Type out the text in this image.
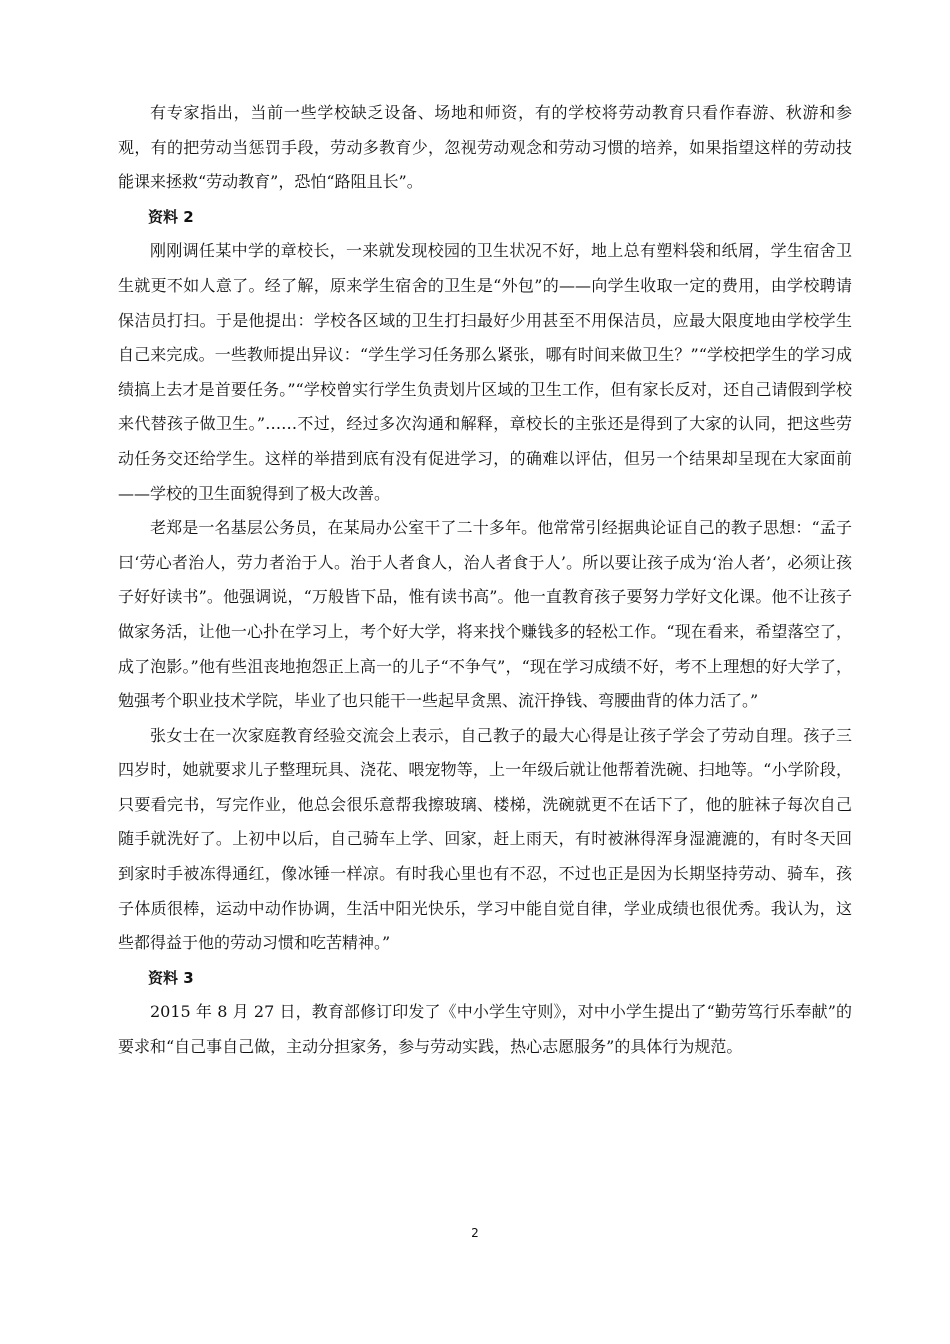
有专家指出，当前一些学校缺乏设备、场地和师资，有的学校将劳动教育只看作春游、秋游和参观，有的把劳动当惩罚手段，劳动多教育少，忽视劳动观念和劳动习惯的培养，如果指望这样的劳动技能课来拯救“劳动教育”，恐怕“路阻且长”。

资料 2

刚刚调任某中学的章校长，一来就发现校园的卫生状况不好，地上总有塑料袋和纸屑，学生宿舍卫生就更不如人意了。经了解，原来学生宿舍的卫生是“外包”的——向学生收取一定的费用，由学校聘请保洁员打扫。于是他提出：学校各区域的卫生打扫最好少用甚至不用保洁员，应最大限度地由学校学生自己来完成。一些教师提出异议：“学生学习任务那么紧张，哪有时间来做卫生？”“学校把学生的学习成绩搞上去才是首要任务。”“学校曾实行学生负责划片区域的卫生工作，但有家长反对，还自己请假到学校来代替孩子做卫生。”……不过，经过多次沟通和解释，章校长的主张还是得到了大家的认同，把这些劳动任务交还给学生。这样的举措到底有没有促进学习，的确难以评估，但另一个结果却呈现在大家面前——学校的卫生面貌得到了极大改善。

老郑是一名基层公务员，在某局办公室干了二十多年。他常常引经据典论证自己的教子思想：“孟子曰‘劳心者治人，劳力者治于人。治于人者食人，治人者食于人’。所以要让孩子成为‘治人者’，必须让孩子好好读书”。他强调说，“万般皆下品，惟有读书高”。他一直教育孩子要努力学好文化课。他不让孩子做家务活，让他一心扑在学习上，考个好大学，将来找个赚钱多的轻松工作。“现在看来，希望落空了，成了泡影。”他有些沮丧地抱怨正上高一的儿子“不争气”，“现在学习成绩不好，考不上理想的好大学了，勉强考个职业技术学院，毕业了也只能干一些起早贪黑、流汗挣钱、弯腰曲背的体力活了。”

张女士在一次家庭教育经验交流会上表示，自己教子的最大心得是让孩子学会了劳动自理。孩子三四岁时，她就要求儿子整理玩具、浇花、喂宠物等，上一年级后就让他帮着洗碗、扫地等。“小学阶段，只要看完书，写完作业，他总会很乐意帮我擦玻璃、楼梯，洗碗就更不在话下了，他的脏袜子每次自己随手就洗好了。上初中以后，自己骑车上学、回家，赶上雨天，有时被淋得浑身湿漉漉的，有时冬天回到家时手被冻得通红，像冰锤一样凉。有时我心里也有不忍，不过也正是因为长期坚持劳动、骑车，孩子体质很棒，运动中动作协调，生活中阳光快乐，学习中能自觉自律，学业成绩也很优秀。我认为，这些都得益于他的劳动习惯和吃苦精神。”

资料 3

2015 年 8 月 27 日，教育部修订印发了《中小学生守则》，对中小学生提出了“勤劳笃行乐奉献”的要求和“自己事自己做，主动分担家务，参与劳动实践，热心志愿服务”的具体行为规范。

2
